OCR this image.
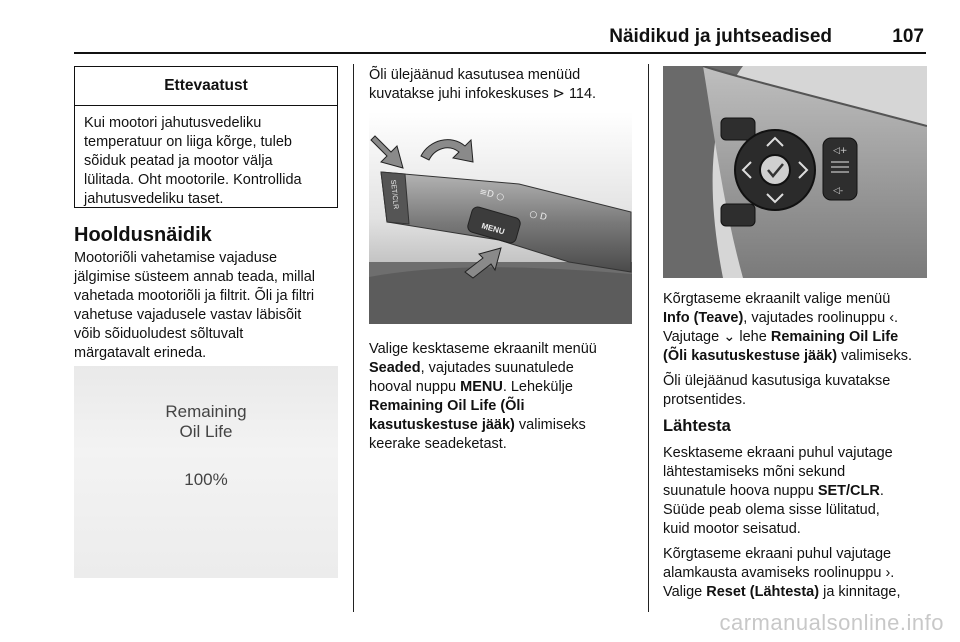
Näidikud ja juhtseadised	107
Ettevaatust
Kui mootori jahutusvedeliku
temperatuur on liiga kõrge, tuleb
sõiduk peatad ja mootor välja
lülitada. Oht mootorile. Kontrollida
jahutusvedeliku taset.
Hooldusnäidik
Mootoriõli vahetamise vajaduse
jälgimise süsteem annab teada, millal
vahetada mootoriõli ja filtrit. Õli ja filtri
vahetuse vajadusele vastav läbisõit
võib sõiduoludest sõltuvalt
märgatavalt erineda.
Remaining
Oil Life
100%
Õli ülejäänud kasutusea menüüd
kuvatakse juhi infokeskuses ⊳ 114.
SET/CLR
MENU
≡D ○
○ D
Valige kesktaseme ekraanilt menüü
Seaded, vajutades suunatulede
hooval nuppu MENU. Lehekülje
Remaining Oil Life (Õli
kasutuskestuse jääk) valimiseks
keerake seadeketast.
◁+
◁-
Kõrgtaseme ekraanilt valige menüü
Info (Teave), vajutades roolinuppu ‹.
Vajutage ⌄ lehe Remaining Oil Life
(Õli kasutuskestuse jääk) valimiseks.
Õli ülejäänud kasutusiga kuvatakse
protsentides.
Lähtesta
Kesktaseme ekraani puhul vajutage
lähtestamiseks mõni sekund
suunatule hoova nuppu SET/CLR.
Süüde peab olema sisse lülitatud,
kuid mootor seisatud.
Kõrgtaseme ekraani puhul vajutage
alamkausta avamiseks roolinuppu ›.
Valige Reset (Lähtesta) ja kinnitage,
carmanualsonline.info
